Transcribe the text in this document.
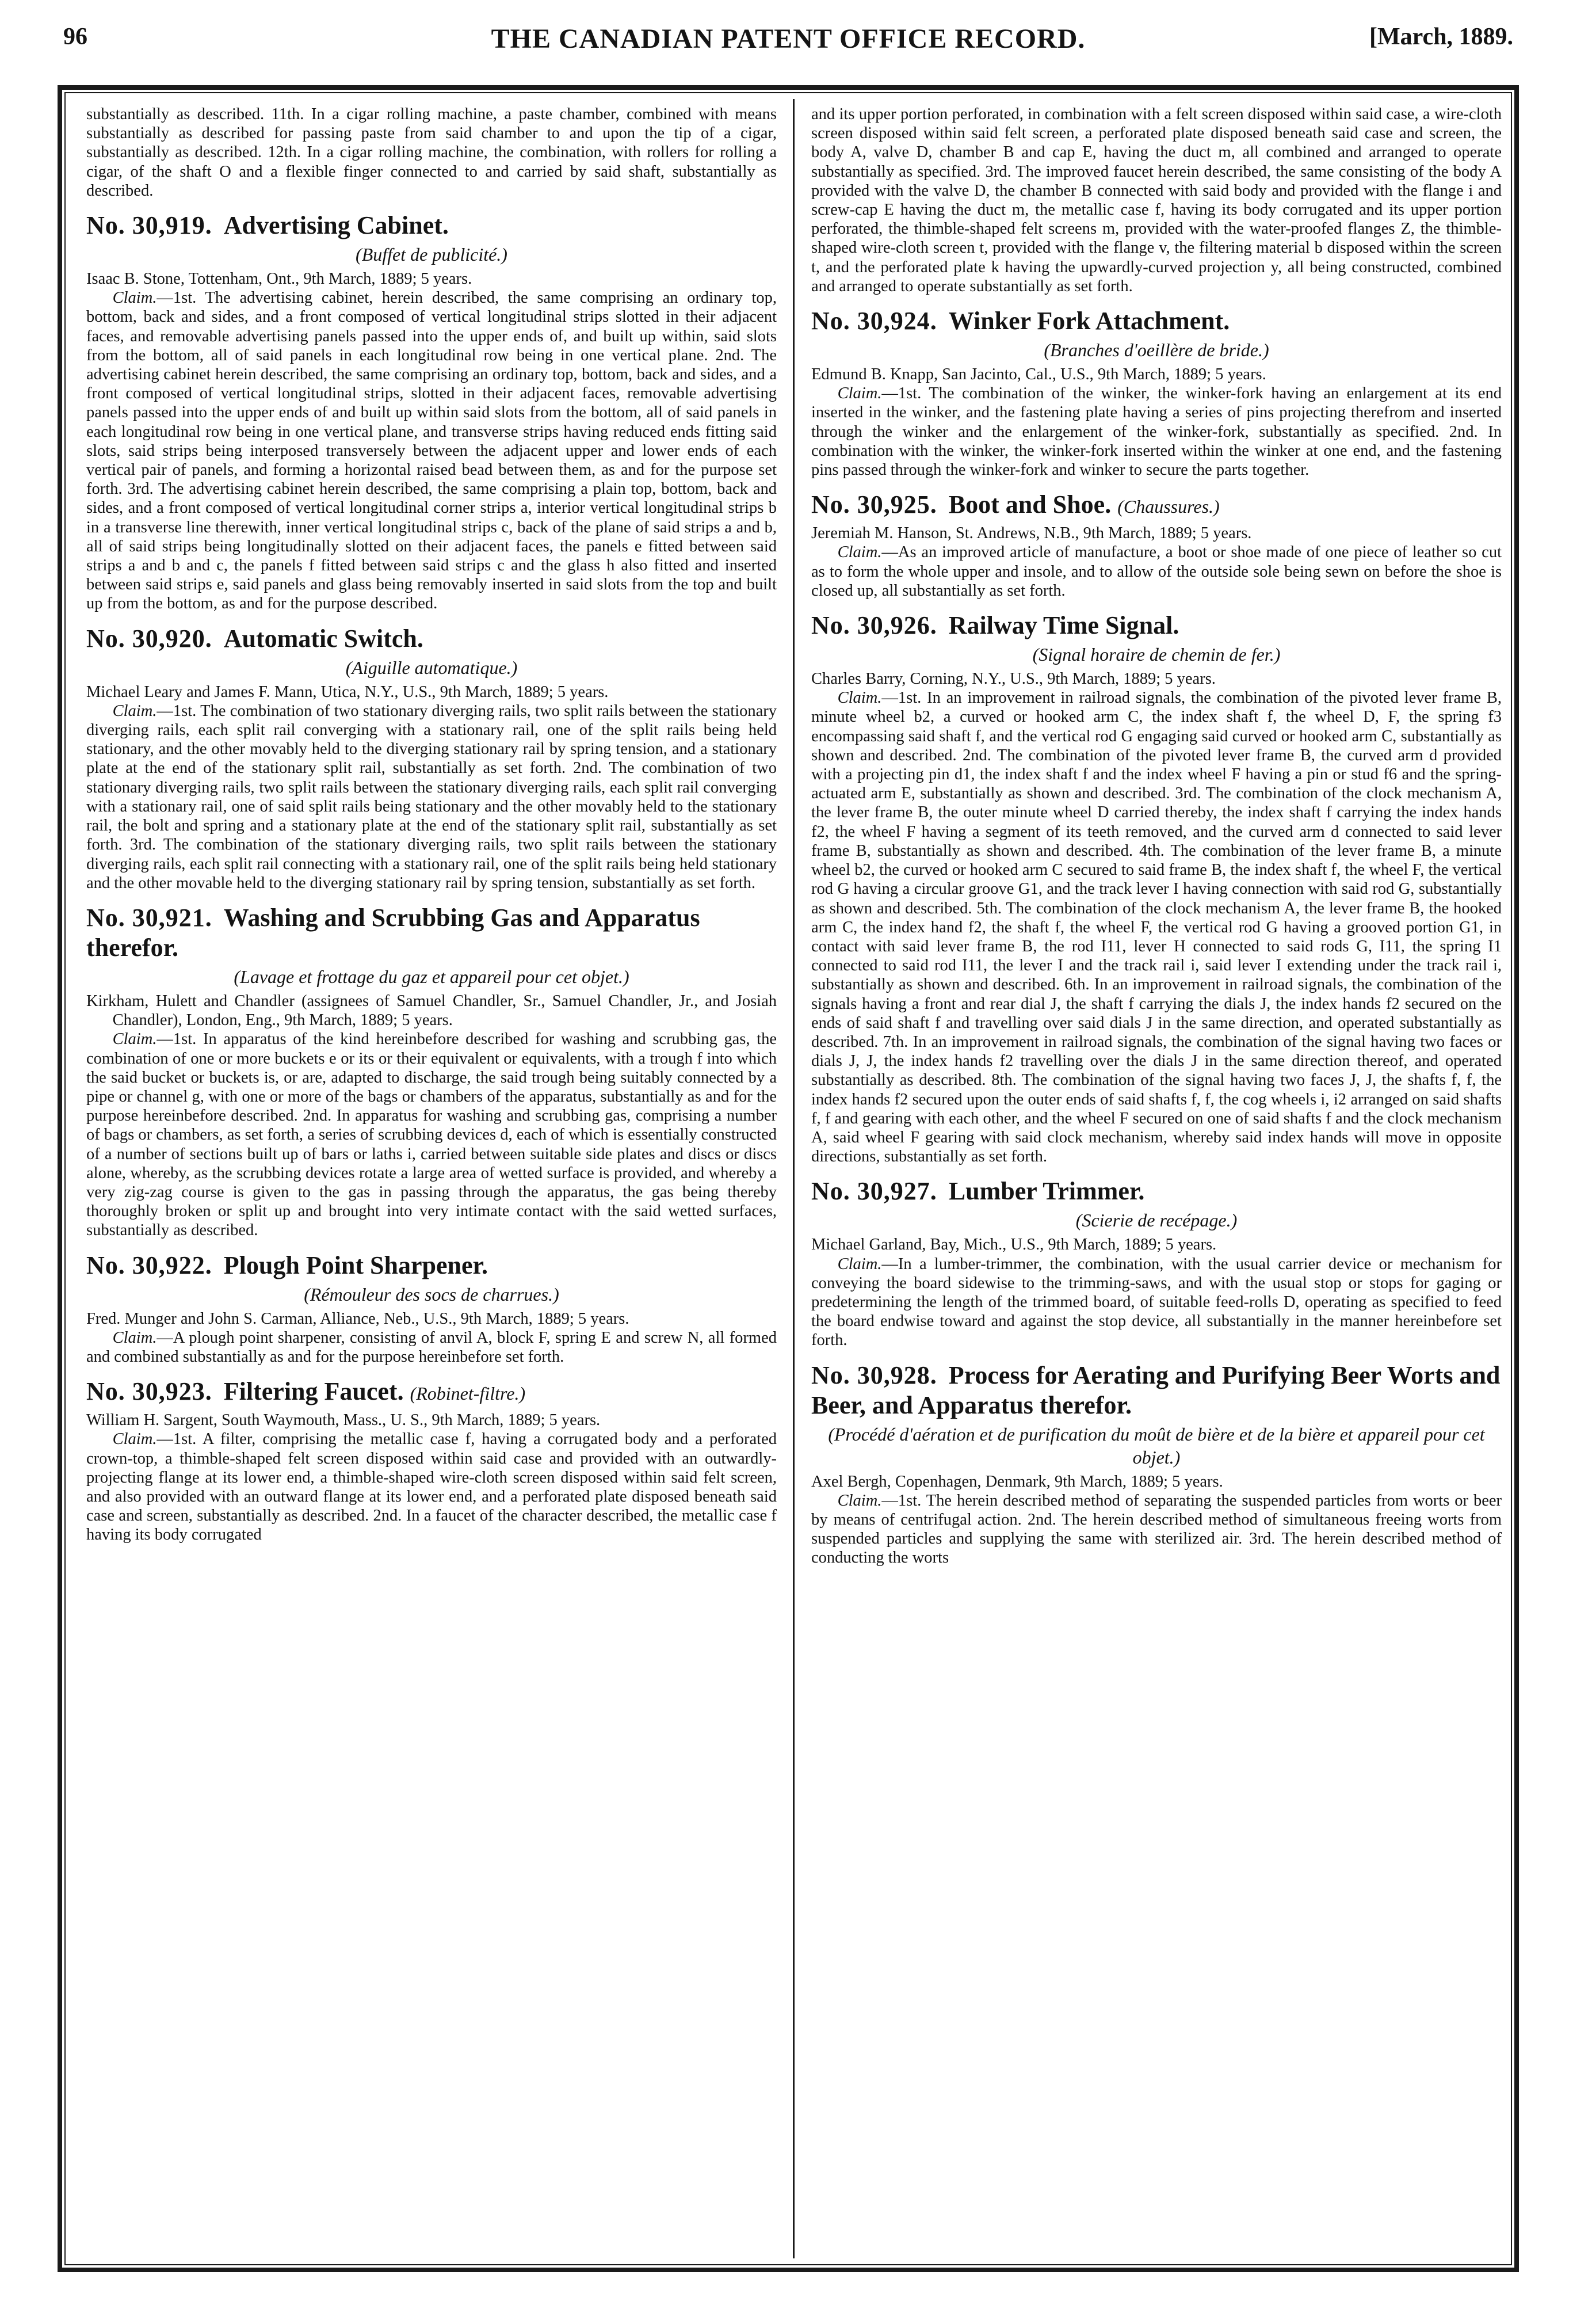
96	THE CANADIAN PATENT OFFICE RECORD.	[March, 1889.

substantially as described. 11th. In a cigar rolling machine, a paste chamber, combined with means substantially as described for passing paste from said chamber to and upon the tip of a cigar, substantially as described. 12th. In a cigar rolling machine, the combination, with rollers for rolling a cigar, of the shaft O and a flexible finger connected to and carried by said shaft, substantially as described.

No. 30,919. Advertising Cabinet.
(Buffet de publicité.)

Isaac B. Stone, Tottenham, Ont., 9th March, 1889; 5 years.

Claim.—1st. The advertising cabinet, herein described, the same comprising an ordinary top, bottom, back and sides, and a front composed of vertical longitudinal strips slotted in their adjacent faces, and removable advertising panels passed into the upper ends of, and built up within, said slots from the bottom, all of said panels in each longitudinal row being in one vertical plane. 2nd. The advertising cabinet herein described, the same comprising an ordinary top, bottom, back and sides, and a front composed of vertical longitudinal strips, slotted in their adjacent faces, removable advertising panels passed into the upper ends of and built up within said slots from the bottom, all of said panels in each longitudinal row being in one vertical plane, and transverse strips having reduced ends fitting said slots, said strips being interposed transversely between the adjacent upper and lower ends of each vertical pair of panels, and forming a horizontal raised bead between them, as and for the purpose set forth. 3rd. The advertising cabinet herein described, the same comprising a plain top, bottom, back and sides, and a front composed of vertical longitudinal corner strips a, interior vertical longitudinal strips b in a transverse line therewith, inner vertical longitudinal strips c, back of the plane of said strips a and b, all of said strips being longitudinally slotted on their adjacent faces, the panels e fitted between said strips a and b and c, the panels f fitted between said strips c and the glass h also fitted and inserted between said strips e, said panels and glass being removably inserted in said slots from the top and built up from the bottom, as and for the purpose described.

No. 30,920. Automatic Switch.
(Aiguille automatique.)

Michael Leary and James F. Mann, Utica, N.Y., U.S., 9th March, 1889; 5 years.

Claim.—1st. The combination of two stationary diverging rails, two split rails between the stationary diverging rails, each split rail converging with a stationary rail, one of the split rails being held stationary, and the other movably held to the diverging stationary rail by spring tension, and a stationary plate at the end of the stationary split rail, substantially as set forth. 2nd. The combination of two stationary diverging rails, two split rails between the stationary diverging rails, each split rail converging with a stationary rail, one of said split rails being stationary and the other movably held to the stationary rail, the bolt and spring and a stationary plate at the end of the stationary split rail, substantially as set forth. 3rd. The combination of the stationary diverging rails, two split rails between the stationary diverging rails, each split rail connecting with a stationary rail, one of the split rails being held stationary and the other movable held to the diverging stationary rail by spring tension, substantially as set forth.

No. 30,921. Washing and Scrubbing Gas and Apparatus therefor.
(Lavage et frottage du gaz et appareil pour cet objet.)

Kirkham, Hulett and Chandler (assignees of Samuel Chandler, Sr., Samuel Chandler, Jr., and Josiah Chandler), London, Eng., 9th March, 1889; 5 years.

Claim.—1st. In apparatus of the kind hereinbefore described for washing and scrubbing gas, the combination of one or more buckets e or its or their equivalent or equivalents, with a trough f into which the said bucket or buckets is, or are, adapted to discharge, the said trough being suitably connected by a pipe or channel g, with one or more of the bags or chambers of the apparatus, substantially as and for the purpose hereinbefore described. 2nd. In apparatus for washing and scrubbing gas, comprising a number of bags or chambers, as set forth, a series of scrubbing devices d, each of which is essentially constructed of a number of sections built up of bars or laths i, carried between suitable side plates and discs or discs alone, whereby, as the scrubbing devices rotate a large area of wetted surface is provided, and whereby a very zig-zag course is given to the gas in passing through the apparatus, the gas being thereby thoroughly broken or split up and brought into very intimate contact with the said wetted surfaces, substantially as described.

No. 30,922. Plough Point Sharpener.
(Rémouleur des socs de charrues.)

Fred. Munger and John S. Carman, Alliance, Neb., U.S., 9th March, 1889; 5 years.

Claim.—A plough point sharpener, consisting of anvil A, block F, spring E and screw N, all formed and combined substantially as and for the purpose hereinbefore set forth.

No. 30,923. Filtering Faucet. (Robinet-filtre.)

William H. Sargent, South Waymouth, Mass., U. S., 9th March, 1889; 5 years.

Claim.—1st. A filter, comprising the metallic case f, having a corrugated body and a perforated crown-top, a thimble-shaped felt screen disposed within said case and provided with an outwardly-projecting flange at its lower end, a thimble-shaped wire-cloth screen disposed within said felt screen, and also provided with an outward flange at its lower end, and a perforated plate disposed beneath said case and screen, substantially as described. 2nd. In a faucet of the character described, the metallic case f having its body corrugated

and its upper portion perforated, in combination with a felt screen disposed within said case, a wire-cloth screen disposed within said felt screen, a perforated plate disposed beneath said case and screen, the body A, valve D, chamber B and cap E, having the duct m, all combined and arranged to operate substantially as specified. 3rd. The improved faucet herein described, the same consisting of the body A provided with the valve D, the chamber B connected with said body and provided with the flange i and screw-cap E having the duct m, the metallic case f, having its body corrugated and its upper portion perforated, the thimble-shaped felt screens m, provided with the water-proofed flanges Z, the thimble-shaped wire-cloth screen t, provided with the flange v, the filtering material b disposed within the screen t, and the perforated plate k having the upwardly-curved projection y, all being constructed, combined and arranged to operate substantially as set forth.

No. 30,924. Winker Fork Attachment.
(Branches d'oeillère de bride.)

Edmund B. Knapp, San Jacinto, Cal., U.S., 9th March, 1889; 5 years.

Claim.—1st. The combination of the winker, the winker-fork having an enlargement at its end inserted in the winker, and the fastening plate having a series of pins projecting therefrom and inserted through the winker and the enlargement of the winker-fork, substantially as specified. 2nd. In combination with the winker, the winker-fork inserted within the winker at one end, and the fastening pins passed through the winker-fork and winker to secure the parts together.

No. 30,925. Boot and Shoe. (Chaussures.)

Jeremiah M. Hanson, St. Andrews, N.B., 9th March, 1889; 5 years.

Claim.—As an improved article of manufacture, a boot or shoe made of one piece of leather so cut as to form the whole upper and insole, and to allow of the outside sole being sewn on before the shoe is closed up, all substantially as set forth.

No. 30,926. Railway Time Signal.
(Signal horaire de chemin de fer.)

Charles Barry, Corning, N.Y., U.S., 9th March, 1889; 5 years.

Claim.—1st. In an improvement in railroad signals, the combination of the pivoted lever frame B, minute wheel b2, a curved or hooked arm C, the index shaft f, the wheel D, F, the spring f3 encompassing said shaft f, and the vertical rod G engaging said curved or hooked arm C, substantially as shown and described. 2nd. The combination of the pivoted lever frame B, the curved arm d provided with a projecting pin d1, the index shaft f and the index wheel F having a pin or stud f6 and the spring-actuated arm E, substantially as shown and described. 3rd. The combination of the clock mechanism A, the lever frame B, the outer minute wheel D carried thereby, the index shaft f carrying the index hands f2, the wheel F having a segment of its teeth removed, and the curved arm d connected to said lever frame B, substantially as shown and described. 4th. The combination of the lever frame B, a minute wheel b2, the curved or hooked arm C secured to said frame B, the index shaft f, the wheel F, the vertical rod G having a circular groove G1, and the track lever I having connection with said rod G, substantially as shown and described. 5th. The combination of the clock mechanism A, the lever frame B, the hooked arm C, the index hand f2, the shaft f, the wheel F, the vertical rod G having a grooved portion G1, in contact with said lever frame B, the rod I11, lever H connected to said rods G, I11, the spring I1 connected to said rod I11, the lever I and the track rail i, said lever I extending under the track rail i, substantially as shown and described. 6th. In an improvement in railroad signals, the combination of the signals having a front and rear dial J, the shaft f carrying the dials J, the index hands f2 secured on the ends of said shaft f and travelling over said dials J in the same direction, and operated substantially as described. 7th. In an improvement in railroad signals, the combination of the signal having two faces or dials J, J, the index hands f2 travelling over the dials J in the same direction thereof, and operated substantially as described. 8th. The combination of the signal having two faces J, J, the shafts f, f, the index hands f2 secured upon the outer ends of said shafts f, f, the cog wheels i, i2 arranged on said shafts f, f and gearing with each other, and the wheel F secured on one of said shafts f and the clock mechanism A, said wheel F gearing with said clock mechanism, whereby said index hands will move in opposite directions, substantially as set forth.

No. 30,927. Lumber Trimmer.
(Scierie de recépage.)

Michael Garland, Bay, Mich., U.S., 9th March, 1889; 5 years.

Claim.—In a lumber-trimmer, the combination, with the usual carrier device or mechanism for conveying the board sidewise to the trimming-saws, and with the usual stop or stops for gaging or predetermining the length of the trimmed board, of suitable feed-rolls D, operating as specified to feed the board endwise toward and against the stop device, all substantially in the manner hereinbefore set forth.

No. 30,928. Process for Aerating and Purifying Beer Worts and Beer, and Apparatus therefor.
(Procédé d'aération et de purification du moût de bière et de la bière et appareil pour cet objet.)

Axel Bergh, Copenhagen, Denmark, 9th March, 1889; 5 years.

Claim.—1st. The herein described method of separating the suspended particles from worts or beer by means of centrifugal action. 2nd. The herein described method of simultaneous freeing worts from suspended particles and supplying the same with sterilized air. 3rd. The herein described method of conducting the worts
